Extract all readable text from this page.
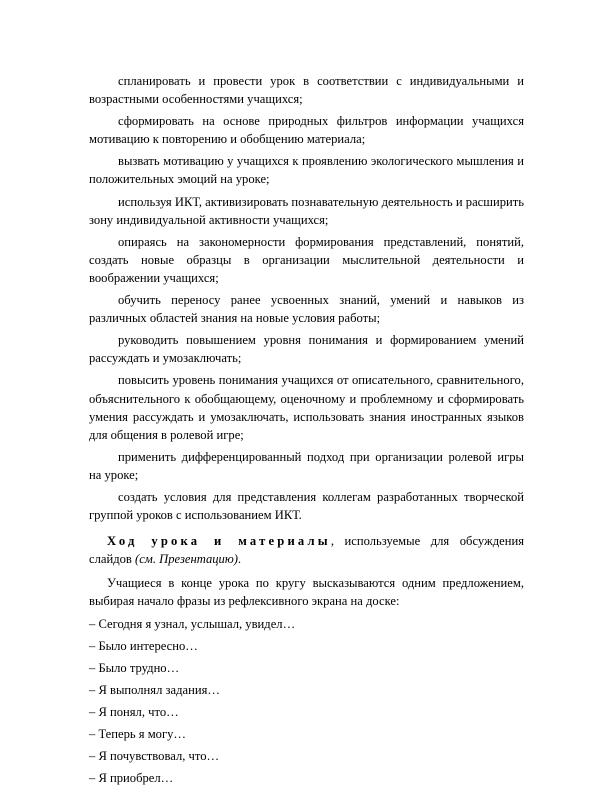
спланировать и провести урок в соответствии с индивидуальными и возрастными особенностями учащихся;

сформировать на основе природных фильтров информации учащихся мотивацию к повторению и обобщению материала;

вызвать мотивацию у учащихся к проявлению экологического мышления и положительных эмоций на уроке;

используя ИКТ, активизировать познавательную деятельность и расширить зону индивидуальной активности учащихся;

опираясь на закономерности формирования представлений, понятий, создать новые образцы в организации мыслительной деятельности и воображении учащихся;

обучить переносу ранее усвоенных знаний, умений и навыков из различных областей знания на новые условия работы;

руководить повышением уровня понимания и формированием умений рассуждать и умозаключать;

повысить уровень понимания учащихся от описательного, сравнительного, объяснительного к обобщающему, оценочному и проблемному и сформировать умения рассуждать и умозаключать, использовать знания иностранных языков для общения в ролевой игре;

применить дифференцированный подход при организации ролевой игры на уроке;

создать условия для представления коллегам разработанных творческой группой уроков с использованием ИКТ.

Ход урока и материалы, используемые для обсуждения слайдов (см. Презентацию).

Учащиеся в конце урока по кругу высказываются одним предложением, выбирая начало фразы из рефлексивного экрана на доске:

– Сегодня я узнал, услышал, увидел…
– Было интересно…
– Было трудно…
– Я выполнял задания…
– Я понял, что…
– Теперь я могу…
– Я почувствовал, что…
– Я приобрел…
